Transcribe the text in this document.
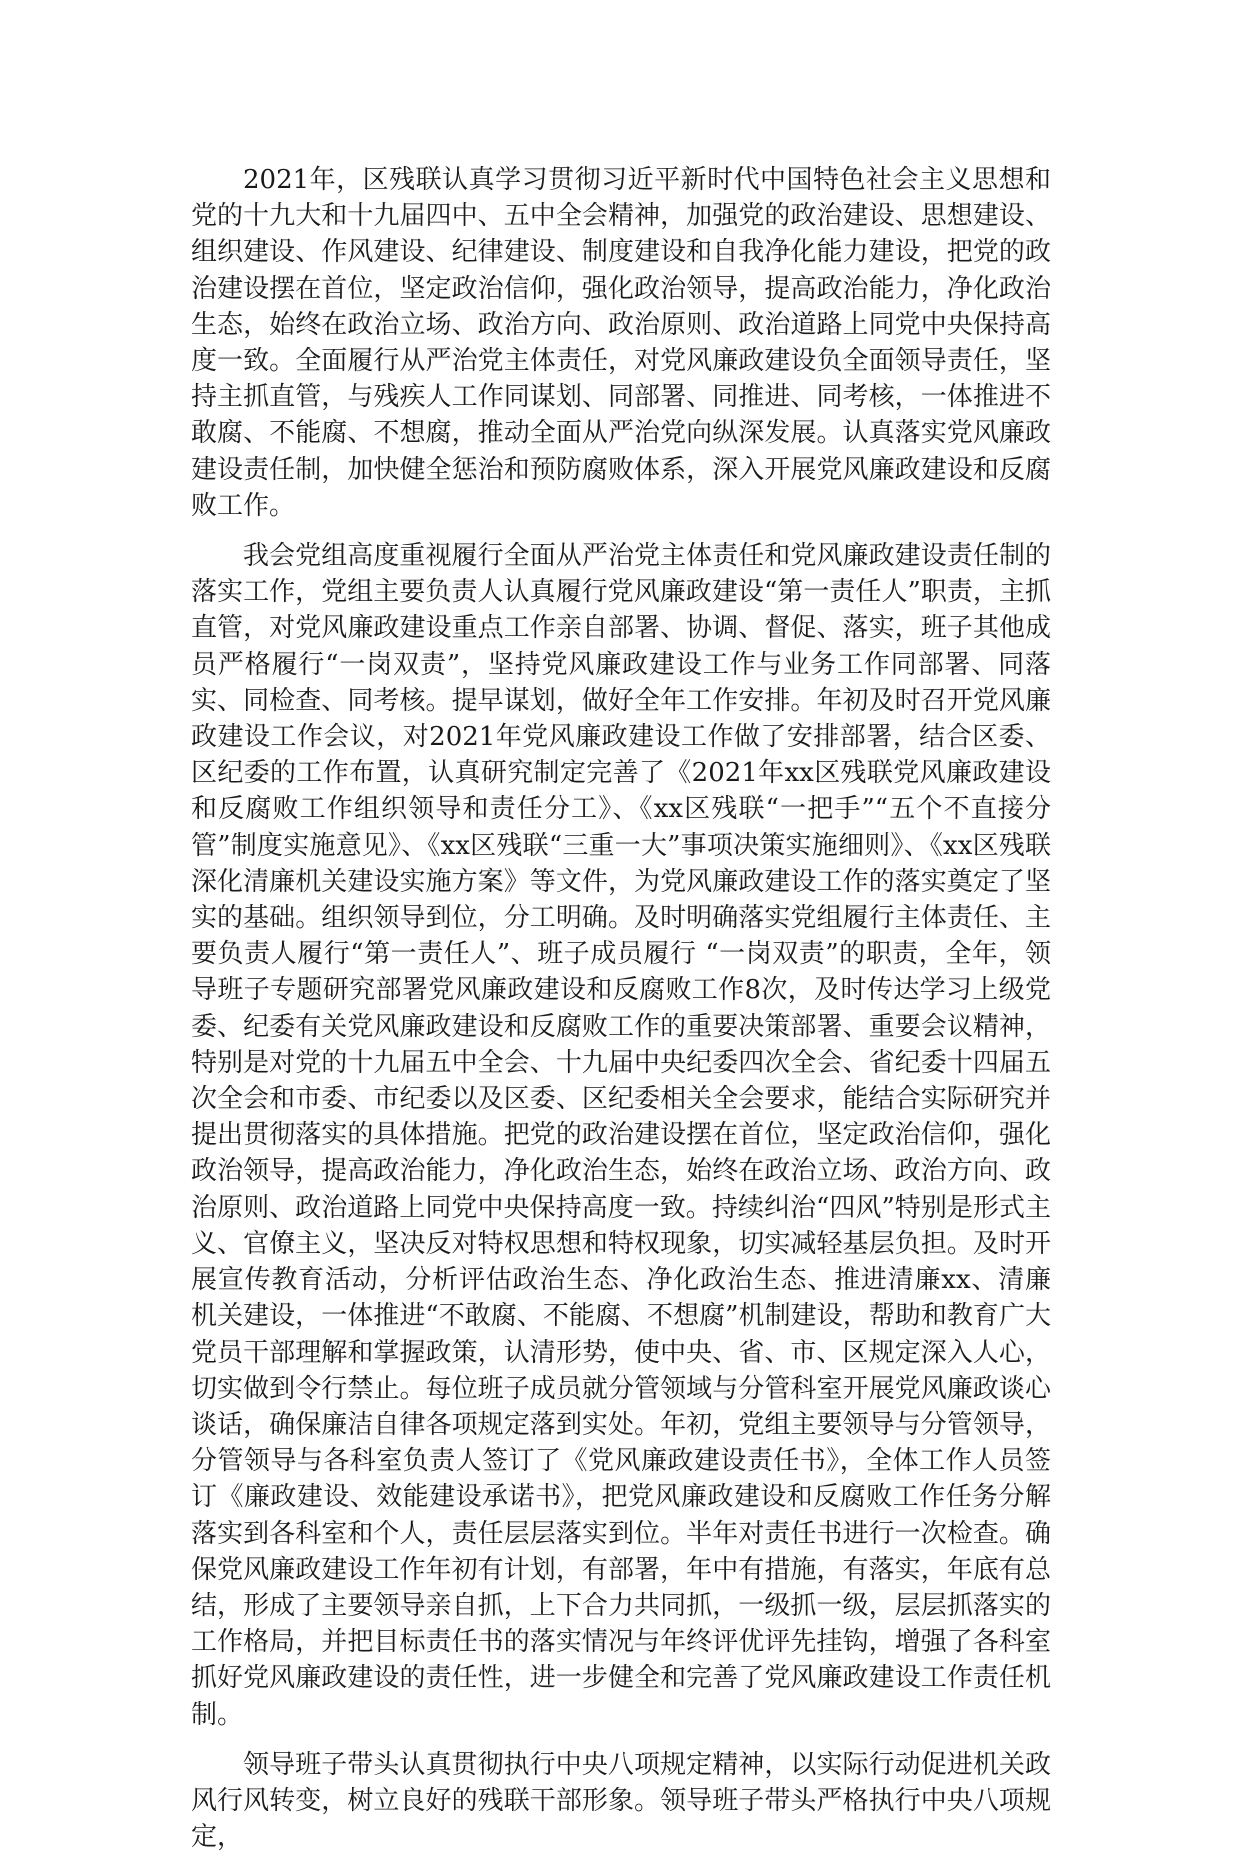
2021年，区残联认真学习贯彻习近平新时代中国特色社会主义思想和党的十九大和十九届四中、五中全会精神，加强党的政治建设、思想建设、组织建设、作风建设、纪律建设、制度建设和自我净化能力建设，把党的政治建设摆在首位，坚定政治信仰，强化政治领导，提高政治能力，净化政治生态，始终在政治立场、政治方向、政治原则、政治道路上同党中央保持高度一致。全面履行从严治党主体责任，对党风廉政建设负全面领导责任，坚持主抓直管，与残疾人工作同谋划、同部署、同推进、同考核，一体推进不敢腐、不能腐、不想腐，推动全面从严治党向纵深发展。认真落实党风廉政建设责任制，加快健全惩治和预防腐败体系，深入开展党风廉政建设和反腐败工作。

我会党组高度重视履行全面从严治党主体责任和党风廉政建设责任制的落实工作，党组主要负责人认真履行党风廉政建设“第一责任人”职责，主抓直管，对党风廉政建设重点工作亲自部署、协调、督促、落实，班子其他成员严格履行“一岗双责”，坚持党风廉政建设工作与业务工作同部署、同落实、同检查、同考核。提早谋划，做好全年工作安排。年初及时召开党风廉政建设工作会议，对2021年党风廉政建设工作做了安排部署，结合区委、区纪委的工作布置，认真研究制定完善了《2021年xx区残联党风廉政建设和反腐败工作组织领导和责任分工》、《xx区残联“一把手”“五个不直接分管”制度实施意见》、《xx区残联“三重一大”事项决策实施细则》、《xx区残联深化清廉机关建设实施方案》等文件，为党风廉政建设工作的落实奠定了坚实的基础。组织领导到位，分工明确。及时明确落实党组履行主体责任、主要负责人履行“第一责任人”、班子成员履行 “一岗双责”的职责，全年，领导班子专题研究部署党风廉政建设和反腐败工作8次，及时传达学习上级党委、纪委有关党风廉政建设和反腐败工作的重要决策部署、重要会议精神，特别是对党的十九届五中全会、十九届中央纪委四次全会、省纪委十四届五次全会和市委、市纪委以及区委、区纪委相关全会要求，能结合实际研究并提出贯彻落实的具体措施。把党的政治建设摆在首位，坚定政治信仰，强化政治领导，提高政治能力，净化政治生态，始终在政治立场、政治方向、政治原则、政治道路上同党中央保持高度一致。持续纠治“四风”特别是形式主义、官僚主义，坚决反对特权思想和特权现象，切实减轻基层负担。及时开展宣传教育活动，分析评估政治生态、净化政治生态、推进清廉xx、清廉机关建设，一体推进“不敢腐、不能腐、不想腐”机制建设，帮助和教育广大党员干部理解和掌握政策，认清形势，使中央、省、市、区规定深入人心，切实做到令行禁止。每位班子成员就分管领域与分管科室开展党风廉政谈心谈话，确保廉洁自律各项规定落到实处。年初，党组主要领导与分管领导，分管领导与各科室负责人签订了《党风廉政建设责任书》，全体工作人员签订《廉政建设、效能建设承诺书》，把党风廉政建设和反腐败工作任务分解落实到各科室和个人，责任层层落实到位。半年对责任书进行一次检查。确保党风廉政建设工作年初有计划，有部署，年中有措施，有落实，年底有总结，形成了主要领导亲自抓，上下合力共同抓，一级抓一级，层层抓落实的工作格局，并把目标责任书的落实情况与年终评优评先挂钩，增强了各科室抓好党风廉政建设的责任性，进一步健全和完善了党风廉政建设工作责任机制。

领导班子带头认真贯彻执行中央八项规定精神，以实际行动促进机关政风行风转变，树立良好的残联干部形象。领导班子带头严格执行中央八项规定，
